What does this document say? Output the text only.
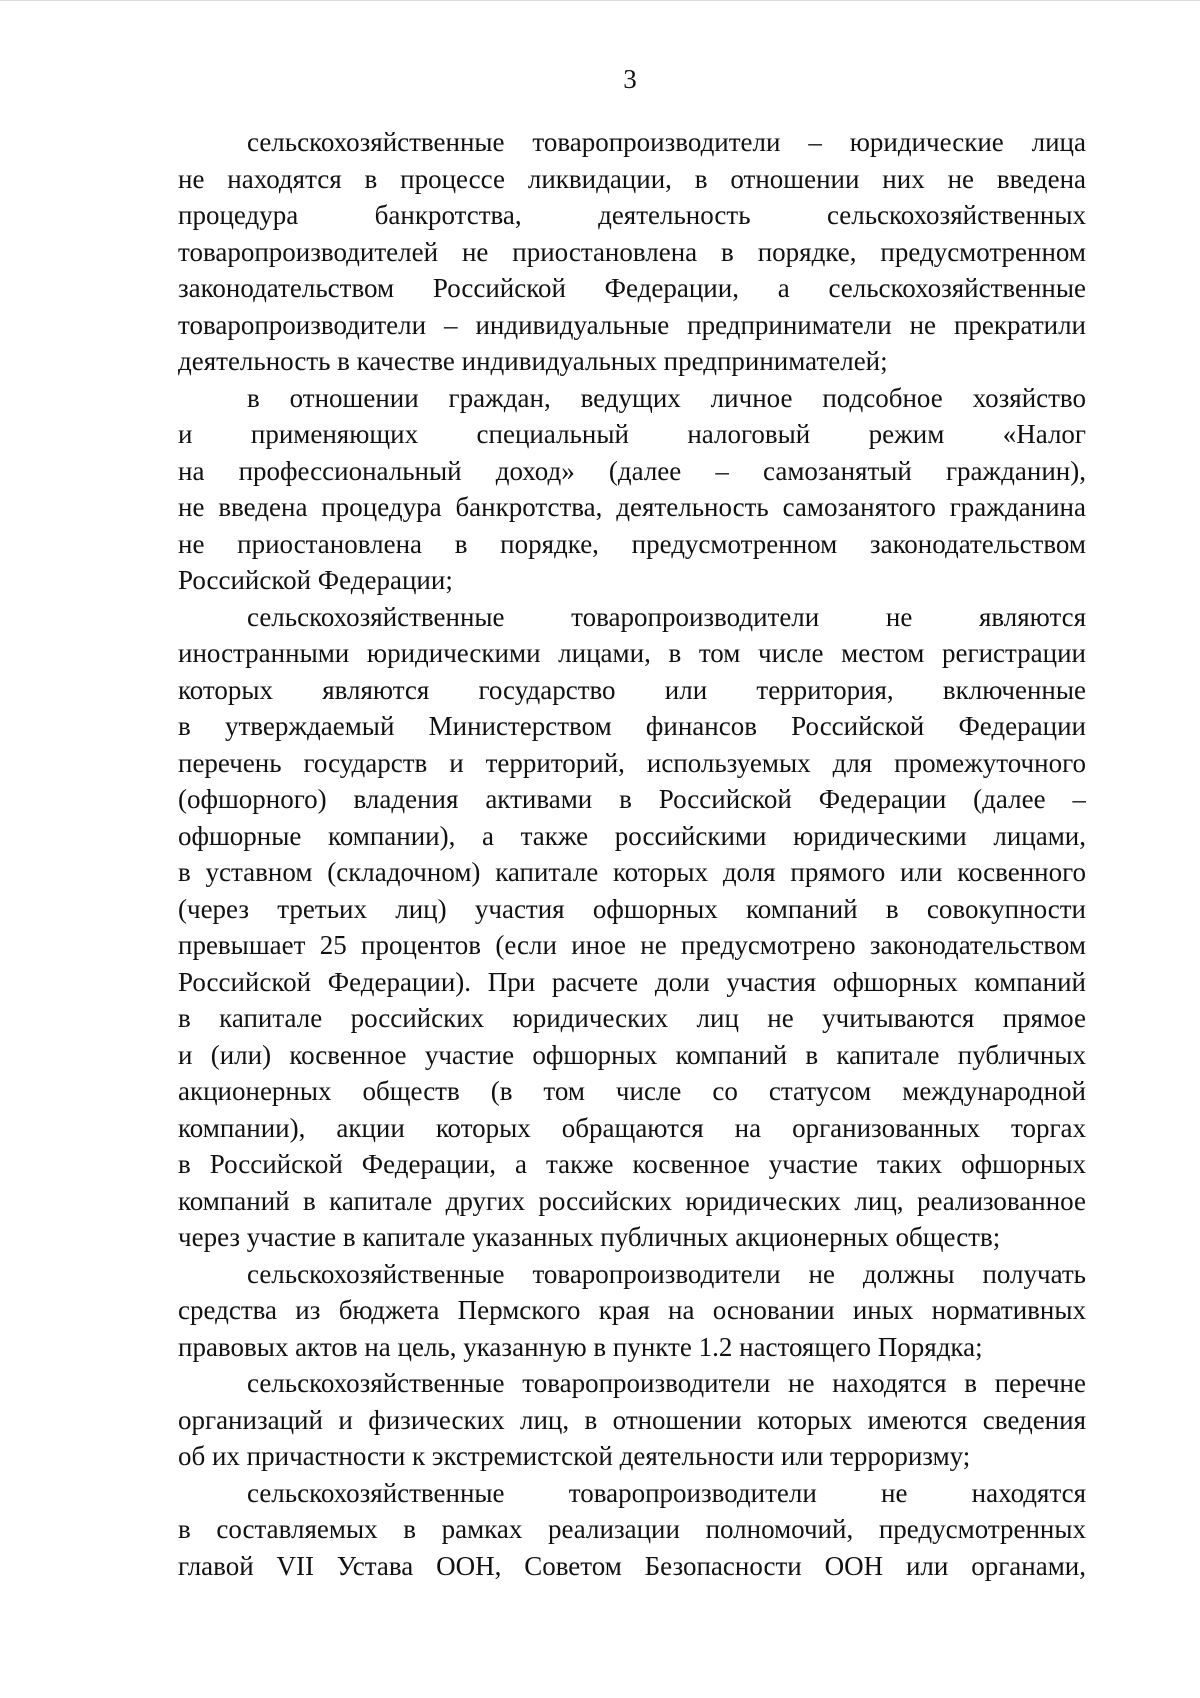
3
сельскохозяйственные товаропроизводители – юридические лица
не находятся в процессе ликвидации, в отношении них не введена
процедура банкротства, деятельность сельскохозяйственных
товаропроизводителей не приостановлена в порядке, предусмотренном
законодательством Российской Федерации, а сельскохозяйственные
товаропроизводители – индивидуальные предприниматели не прекратили
деятельность в качестве индивидуальных предпринимателей;
в отношении граждан, ведущих личное подсобное хозяйство
и применяющих специальный налоговый режим «Налог
на профессиональный доход» (далее – самозанятый гражданин),
не введена процедура банкротства, деятельность самозанятого гражданина
не приостановлена в порядке, предусмотренном законодательством
Российской Федерации;
сельскохозяйственные товаропроизводители не являются
иностранными юридическими лицами, в том числе местом регистрации
которых являются государство или территория, включенные
в утверждаемый Министерством финансов Российской Федерации
перечень государств и территорий, используемых для промежуточного
(офшорного) владения активами в Российской Федерации (далее –
офшорные компании), а также российскими юридическими лицами,
в уставном (складочном) капитале которых доля прямого или косвенного
(через третьих лиц) участия офшорных компаний в совокупности
превышает 25 процентов (если иное не предусмотрено законодательством
Российской Федерации). При расчете доли участия офшорных компаний
в капитале российских юридических лиц не учитываются прямое
и (или) косвенное участие офшорных компаний в капитале публичных
акционерных обществ (в том числе со статусом международной
компании), акции которых обращаются на организованных торгах
в Российской Федерации, а также косвенное участие таких офшорных
компаний в капитале других российских юридических лиц, реализованное
через участие в капитале указанных публичных акционерных обществ;
сельскохозяйственные товаропроизводители не должны получать
средства из бюджета Пермского края на основании иных нормативных
правовых актов на цель, указанную в пункте 1.2 настоящего Порядка;
сельскохозяйственные товаропроизводители не находятся в перечне
организаций и физических лиц, в отношении которых имеются сведения
об их причастности к экстремистской деятельности или терроризму;
сельскохозяйственные товаропроизводители не находятся
в составляемых в рамках реализации полномочий, предусмотренных
главой VII Устава ООН, Советом Безопасности ООН или органами,
